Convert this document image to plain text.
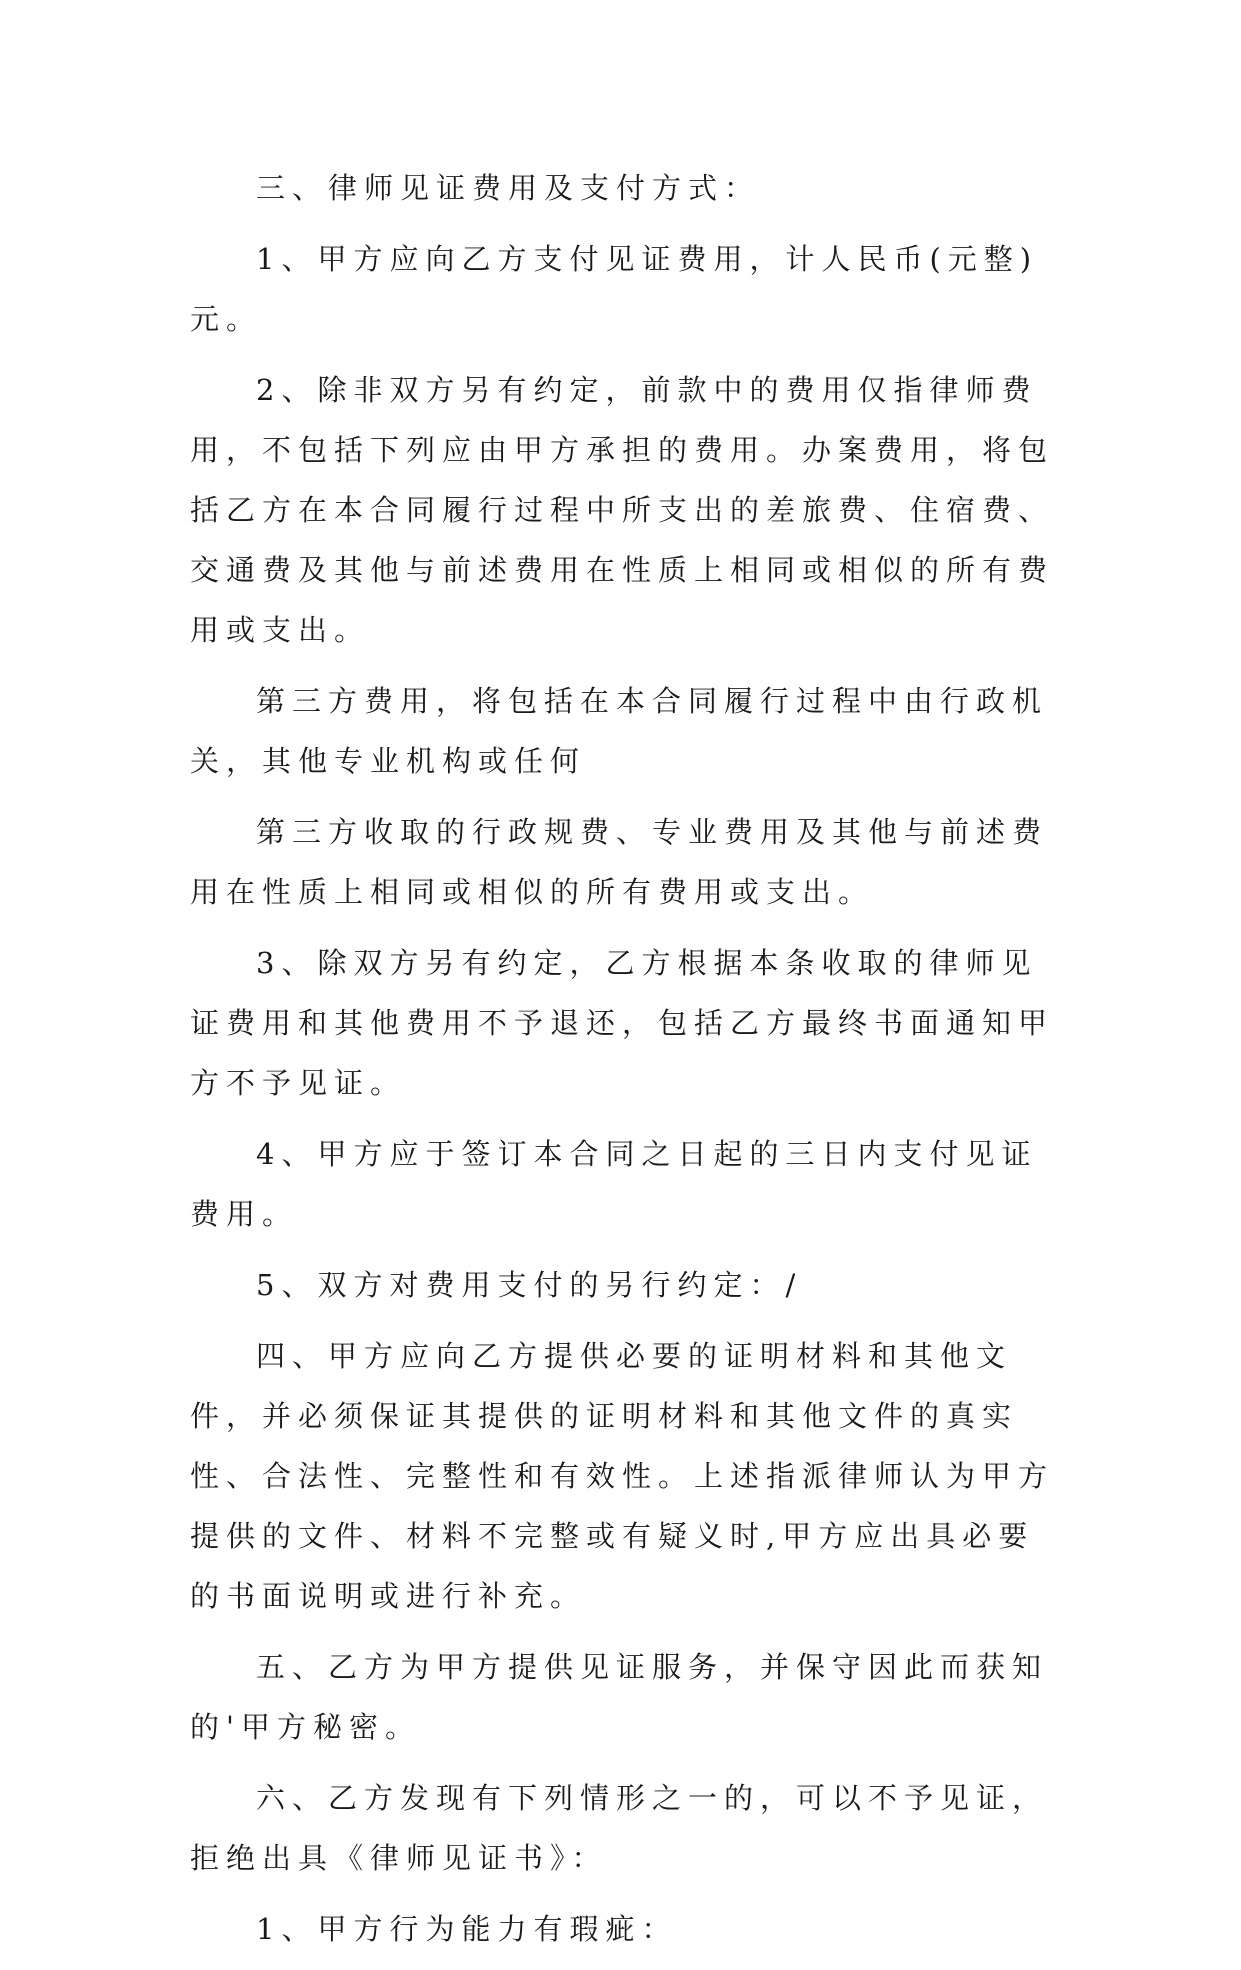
三、律师见证费用及支付方式：

1、甲方应向乙方支付见证费用，计人民币(元整)元。

2、除非双方另有约定，前款中的费用仅指律师费用，不包括下列应由甲方承担的费用。办案费用，将包括乙方在本合同履行过程中所支出的差旅费、住宿费、交通费及其他与前述费用在性质上相同或相似的所有费用或支出。

第三方费用，将包括在本合同履行过程中由行政机关，其他专业机构或任何

第三方收取的行政规费、专业费用及其他与前述费用在性质上相同或相似的所有费用或支出。

3、除双方另有约定，乙方根据本条收取的律师见证费用和其他费用不予退还，包括乙方最终书面通知甲方不予见证。

4、甲方应于签订本合同之日起的三日内支付见证费用。

5、双方对费用支付的另行约定：/

四、甲方应向乙方提供必要的证明材料和其他文件，并必须保证其提供的证明材料和其他文件的真实性、合法性、完整性和有效性。上述指派律师认为甲方提供的文件、材料不完整或有疑义时,甲方应出具必要的书面说明或进行补充。

五、乙方为甲方提供见证服务，并保守因此而获知的'甲方秘密。

六、乙方发现有下列情形之一的，可以不予见证，拒绝出具《律师见证书》：

1、甲方行为能力有瑕疵：
